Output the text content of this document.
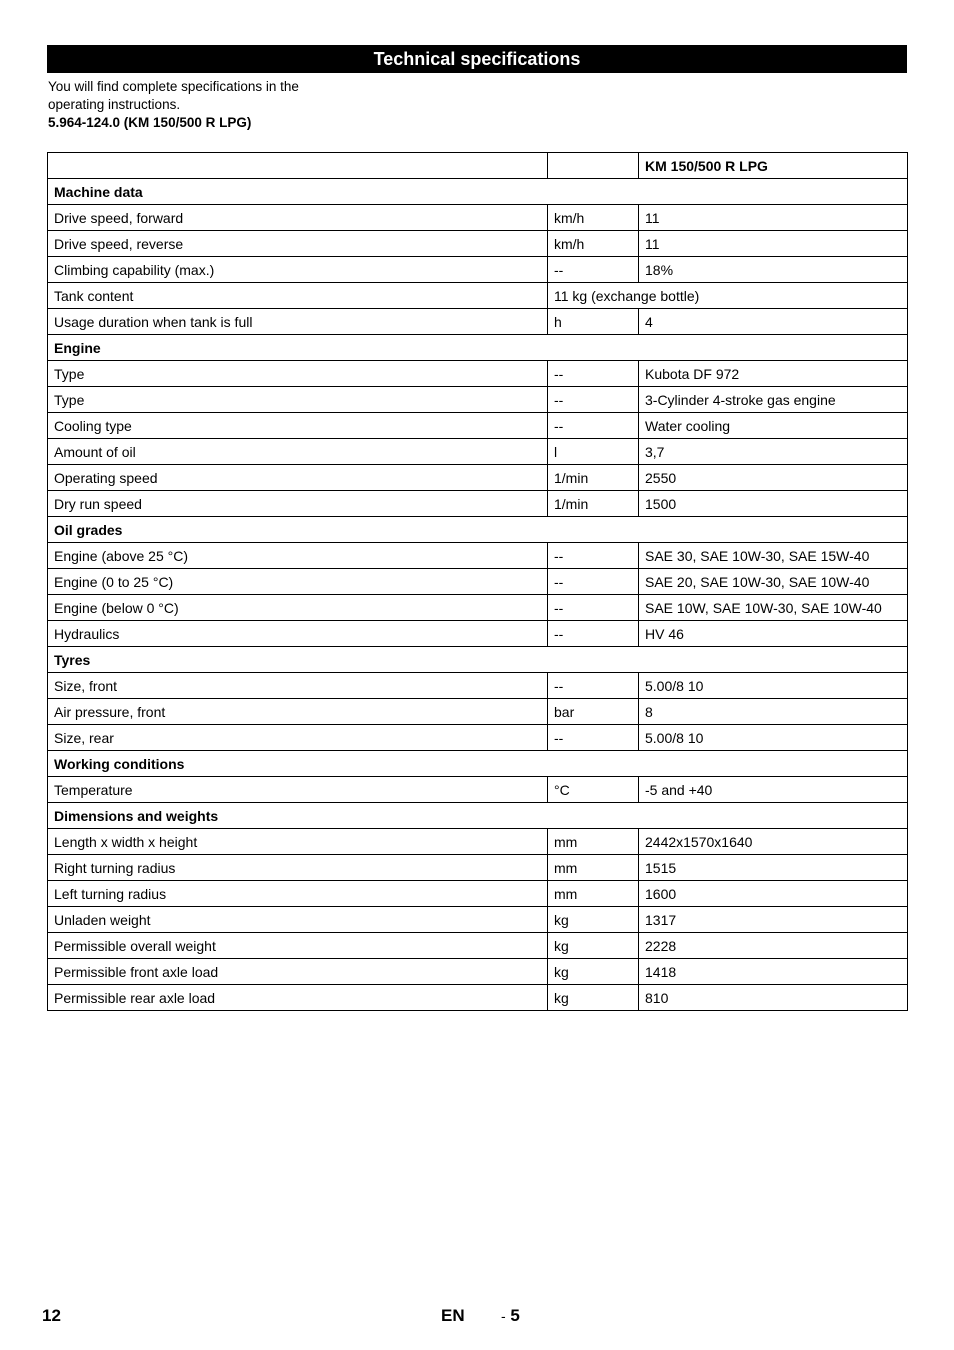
Technical specifications
You will find complete specifications in the
operating instructions.
5.964-124.0 (KM 150/500 R LPG)
		KM 150/500 R LPG
Machine data		
Drive speed, forward	km/h	11
Drive speed, reverse	km/h	11
Climbing capability (max.)	--	18%
Tank content	11 kg (exchange bottle)	
Usage duration when tank is full	h	4
Engine		
Type	--	Kubota DF 972
Type	--	3-Cylinder 4-stroke gas engine
Cooling type	--	Water cooling
Amount of oil	l	3,7
Operating speed	1/min	2550
Dry run speed	1/min	1500
Oil grades		
Engine (above 25 °C)	--	SAE 30, SAE 10W-30, SAE 15W-40
Engine (0 to 25 °C)	--	SAE 20, SAE 10W-30, SAE 10W-40
Engine (below 0 °C)	--	SAE 10W, SAE 10W-30, SAE 10W-40
Hydraulics	--	HV 46
Tyres		
Size, front	--	5.00/8 10
Air pressure, front	bar	8
Size, rear	--	5.00/8 10
Working conditions		
Temperature	°C	-5 and +40
Dimensions and weights		
Length x width x height	mm	2442x1570x1640
Right turning radius	mm	1515
Left turning radius	mm	1600
Unladen weight	kg	1317
Permissible overall weight	kg	2228
Permissible front axle load	kg	1418
Permissible rear axle load	kg	810
12	EN	- 5
